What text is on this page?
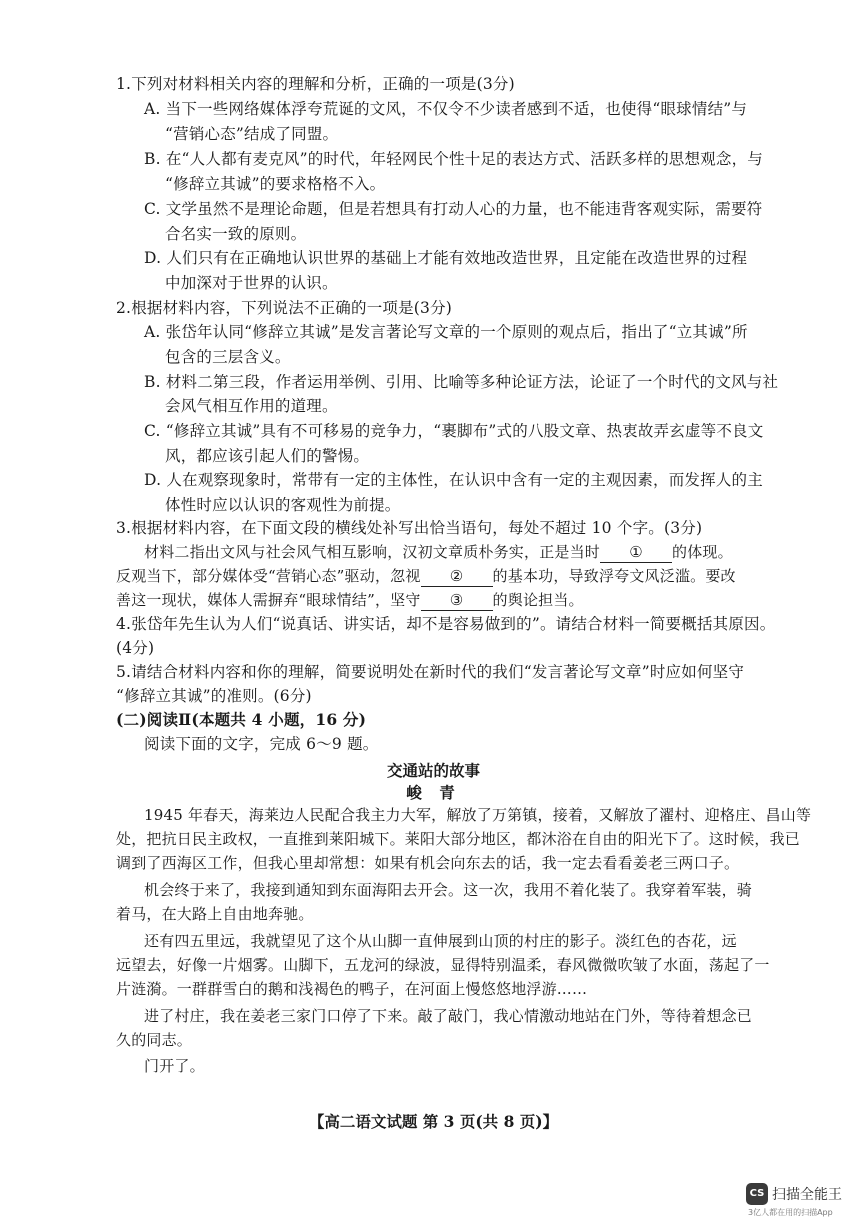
1.下列对材料相关内容的理解和分析，正确的一项是(3分)
A. 当下一些网络媒体浮夸荒诞的文风，不仅令不少读者感到不适，也使得“眼球情结”与
“营销心态”结成了同盟。
B. 在“人人都有麦克风”的时代，年轻网民个性十足的表达方式、活跃多样的思想观念，与
“修辞立其诚”的要求格格不入。
C. 文学虽然不是理论命题，但是若想具有打动人心的力量，也不能违背客观实际，需要符
合名实一致的原则。
D. 人们只有在正确地认识世界的基础上才能有效地改造世界，且定能在改造世界的过程
中加深对于世界的认识。
2.根据材料内容，下列说法不正确的一项是(3分)
A. 张岱年认同“修辞立其诚”是发言著论写文章的一个原则的观点后，指出了“立其诚”所
包含的三层含义。
B. 材料二第三段，作者运用举例、引用、比喻等多种论证方法，论证了一个时代的文风与社
会风气相互作用的道理。
C. “修辞立其诚”具有不可移易的竞争力，“裹脚布”式的八股文章、热衷故弄玄虚等不良文
风，都应该引起人们的警惕。
D. 人在观察现象时，常带有一定的主体性，在认识中含有一定的主观因素，而发挥人的主
体性时应以认识的客观性为前提。
3.根据材料内容，在下面文段的横线处补写出恰当语句，每处不超过 10 个字。(3分)
材料二指出文风与社会风气相互影响，汉初文章质朴务实，正是当时 ① 的体现。
反观当下，部分媒体受“营销心态”驱动，忽视 ② 的基本功，导致浮夸文风泛滥。要改
善这一现状，媒体人需摒弃“眼球情结”，坚守 ③ 的舆论担当。
4.张岱年先生认为人们“说真话、讲实话，却不是容易做到的”。请结合材料一简要概括其原因。
(4分)
5.请结合材料内容和你的理解，简要说明处在新时代的我们“发言著论写文章”时应如何坚守
“修辞立其诚”的准则。(6分)
(二)阅读Ⅱ(本题共 4 小题，16 分)
阅读下面的文字，完成 6～9 题。
交通站的故事
峻 青
1945 年春天，海莱边人民配合我主力大军，解放了万第镇，接着，又解放了濯村、迎格庄、昌山等
处，把抗日民主政权，一直推到莱阳城下。莱阳大部分地区，都沐浴在自由的阳光下了。这时候，我已
调到了西海区工作，但我心里却常想：如果有机会向东去的话，我一定去看看姜老三两口子。
机会终于来了，我接到通知到东面海阳去开会。这一次，我用不着化装了。我穿着军装，骑
着马，在大路上自由地奔驰。
还有四五里远，我就望见了这个从山脚一直伸展到山顶的村庄的影子。淡红色的杏花，远
远望去，好像一片烟雾。山脚下，五龙河的绿波，显得特别温柔，春风微微吹皱了水面，荡起了一
片涟漪。一群群雪白的鹅和浅褐色的鸭子，在河面上慢悠悠地浮游……
进了村庄，我在姜老三家门口停了下来。敲了敲门，我心情激动地站在门外，等待着想念已
久的同志。
门开了。
【高二语文试题 第 3 页(共 8 页)】
CS 扫描全能王
3亿人都在用的扫描App
